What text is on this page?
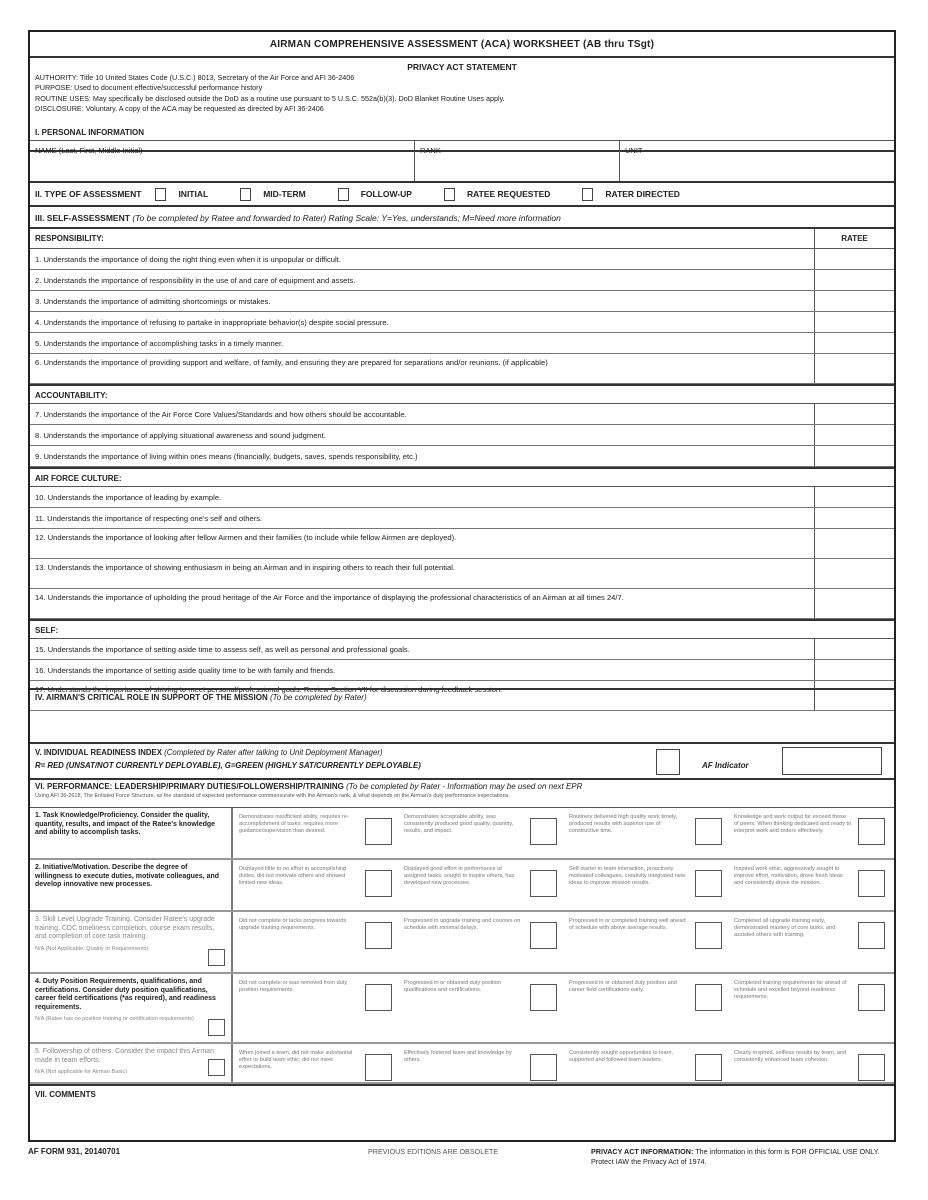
AIRMAN COMPREHENSIVE ASSESSMENT (ACA) WORKSHEET (AB thru TSgt)
PRIVACY ACT STATEMENT
AUTHORITY: Title 10 United States Code (U.S.C.) 8013, Secretary of the Air Force and AFI 36-2406
PURPOSE: Used to document effective/successful performance history
ROUTINE USES: May specifically be disclosed outside the DoD as a routine use pursuant to 5 U.S.C. 552a(b)(3). DoD Blanket Routine Uses apply.
DISCLOSURE: Voluntary. A copy of the ACA may be requested as directed by AFI 36-2406
I. PERSONAL INFORMATION
NAME (Last, First, Middle Initial)	RANK	UNIT
II. TYPE OF ASSESSMENT	INITIAL	MID-TERM	FOLLOW-UP	RATEE REQUESTED	RATER DIRECTED
III. SELF-ASSESSMENT (To be completed by Ratee and forwarded to Rater) Rating Scale: Y=Yes, understands; M=Need more information
RESPONSIBILITY:	RATEE
1. Understands the importance of doing the right thing even when it is unpopular or difficult.
2. Understands the importance of responsibility in the use of and care of equipment and assets.
3. Understands the importance of admitting shortcomings or mistakes.
4. Understands the importance of refusing to partake in inappropriate behavior(s) despite social pressure.
5. Understands the importance of accomplishing tasks in a timely manner.
6. Understands the importance of providing support and welfare, of family, and ensuring they are prepared for separations and/or reunions. (if applicable)
ACCOUNTABILITY:
7. Understands the importance of the Air Force Core Values/Standards and how others should be accountable.
8. Understands the importance of applying situational awareness and sound judgment.
9. Understands the importance of living within ones means (financially, budgets, saves, spends responsibility, etc.)
AIR FORCE CULTURE:
10. Understands the importance of leading by example.
11. Understands the importance of respecting one's self and others.
12. Understands the importance of looking after fellow Airmen and their families (to include while fellow Airmen are deployed).
13. Understands the importance of showing enthusiasm in being an Airman and in inspiring others to reach their full potential.
14. Understands the importance of upholding the proud heritage of the Air Force and the importance of displaying the professional characteristics of an Airman at all times 24/7.
SELF:
15. Understands the importance of setting aside time to assess self, as well as personal and professional goals.
16. Understands the importance of setting aside quality time to be with family and friends.
17. Understands the importance of striving to meet personal/professional goals. Review Section VII for discussion during feedback session.
IV. AIRMAN'S CRITICAL ROLE IN SUPPORT OF THE MISSION (To be completed by Rater)
V. INDIVIDUAL READINESS INDEX (Completed by Rater after talking to Unit Deployment Manager)
R= RED (UNSAT/NOT CURRENTLY DEPLOYABLE), G=GREEN (HIGHLY SAT/CURRENTLY DEPLOYABLE)	AF Indicator
VI. PERFORMANCE: LEADERSHIP/PRIMARY DUTIES/FOLLOWERSHIP/TRAINING (To be completed by Rater - Information may be used on next EPR
Using AFI 36-2618, The Enlisted Force Structure, as the standard of expected performance commensurate with the Airman's rank, & what depends on the Airman's duty performance expectations.
1. Task Knowledge/Proficiency. Consider the quality, quantity, results, and impact of the Ratee's knowledge and ability to accomplish tasks.
Demonstrates insufficient ability, requires re-accomplishment of tasks, requires more guidance/supervision than desired.
Demonstrates acceptable ability, was consistently produced good quality, quantity, results, and impact.
Routinely delivered high quality work timely, produced results with superior use of constructive time.
Knowledge and work output far exceed those of peers. When thinking dedicated and ready to interpret work and orders effectively.
2. Initiative/Motivation. Describe the degree of willingness to execute duties, motivate colleagues, and develop innovative new processes.
Displayed little to no effort in accomplishing duties, did not motivate others and showed limited new ideas.
Displayed good effort in performance of assigned tasks, sought to inspire others, has developed new processes.
Self-starter in team interaction, proactively motivated colleagues, creativity integrated new ideas to improve mission results.
Inspired work ethic, aggressively sought to improve effort, motivation, drove fresh ideas and consistently drove the mission.
3. Skill Level Upgrade Training. Consider Ratee's upgrade training, CDC timeliness completion, course exam results, and completion of core task training.
N/A (Not Applicable: Quality or Requirements)
Did not complete or lacks progress towards upgrade training requirements.
Progressed in upgrade training and courses on schedule with minimal delays.
Progressed in or completed training well ahead of schedule with above average results.
Completed all upgrade training early, demonstrated mastery of core tasks, and assisted others with training.
4. Duty Position Requirements, qualifications, and certifications. Consider duty position qualifications, career field certifications (*as required), and readiness requirements.
N/A (Ratee has no position training or certification requirements)
Did not complete or was removed from duty position requirements.
Progressed in or obtained duty position qualifications and certifications.
Progressed in or obtained duty position and career field certifications early.
Completed training requirements far ahead of schedule and excelled beyond readiness requirements.
5. Followership of others. Consider the impact this Airman made in team efforts.
N/A (Not applicable for Airman Basic)
When joined a team, did not make substantial effort or build team ethic; did not meet expectations.
Effectively fostered team and knowledge by others.
Consistently sought opportunities to learn, supported and followed team leaders.
Clearly inspired, selfless results by team, and consistently enhanced team cohesion.
VII. COMMENTS
AF FORM 931, 20140701	PREVIOUS EDITIONS ARE OBSOLETE	PRIVACY ACT INFORMATION: The information in this form is FOR OFFICIAL USE ONLY. Protect IAW the Privacy Act of 1974.
